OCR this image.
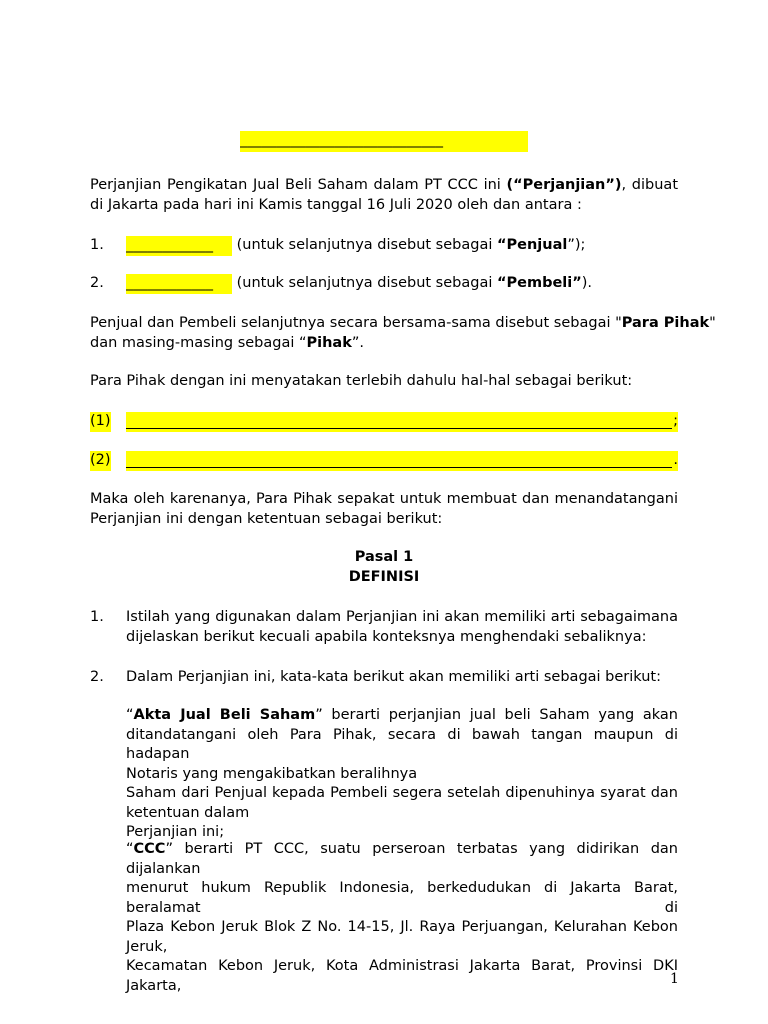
____________________________
Perjanjian Pengikatan Jual Beli Saham dalam PT CCC ini (“Perjanjian”), dibuat di Jakarta pada hari ini Kamis tanggal 16 Juli 2020 oleh dan antara :
1. ____________ (untuk selanjutnya disebut sebagai “Penjual”);
2. ____________ (untuk selanjutnya disebut sebagai “Pembeli”).
Penjual dan Pembeli selanjutnya secara bersama-sama disebut sebagai "Para Pihak"
dan masing-masing sebagai “Pihak”.
Para Pihak dengan ini menyatakan terlebih dahulu hal-hal sebagai berikut:
(1)	;
(2)	.
Maka oleh karenanya, Para Pihak sepakat untuk membuat dan menandatangani Perjanjian ini dengan ketentuan sebagai berikut:
Pasal 1
DEFINISI
1. Istilah yang digunakan dalam Perjanjian ini akan memiliki arti sebagaimana dijelaskan berikut kecuali apabila konteksnya menghendaki sebaliknya:
2. Dalam Perjanjian ini, kata-kata berikut akan memiliki arti sebagai berikut:
“Akta Jual Beli Saham” berarti perjanjian jual beli Saham yang akan
ditandatangani oleh Para Pihak, secara di bawah tangan maupun di hadapan
Notaris yang mengakibatkan beralihnya
Saham dari Penjual kepada Pembeli segera setelah dipenuhinya syarat dan
ketentuan dalam
Perjanjian ini;
“CCC” berarti PT CCC, suatu perseroan terbatas yang didirikan dan dijalankan
menurut hukum Republik Indonesia, berkedudukan di Jakarta Barat, beralamat di
Plaza Kebon Jeruk Blok Z No. 14-15, Jl. Raya Perjuangan, Kelurahan Kebon Jeruk,
Kecamatan Kebon Jeruk, Kota Administrasi Jakarta Barat, Provinsi DKI Jakarta,	1
